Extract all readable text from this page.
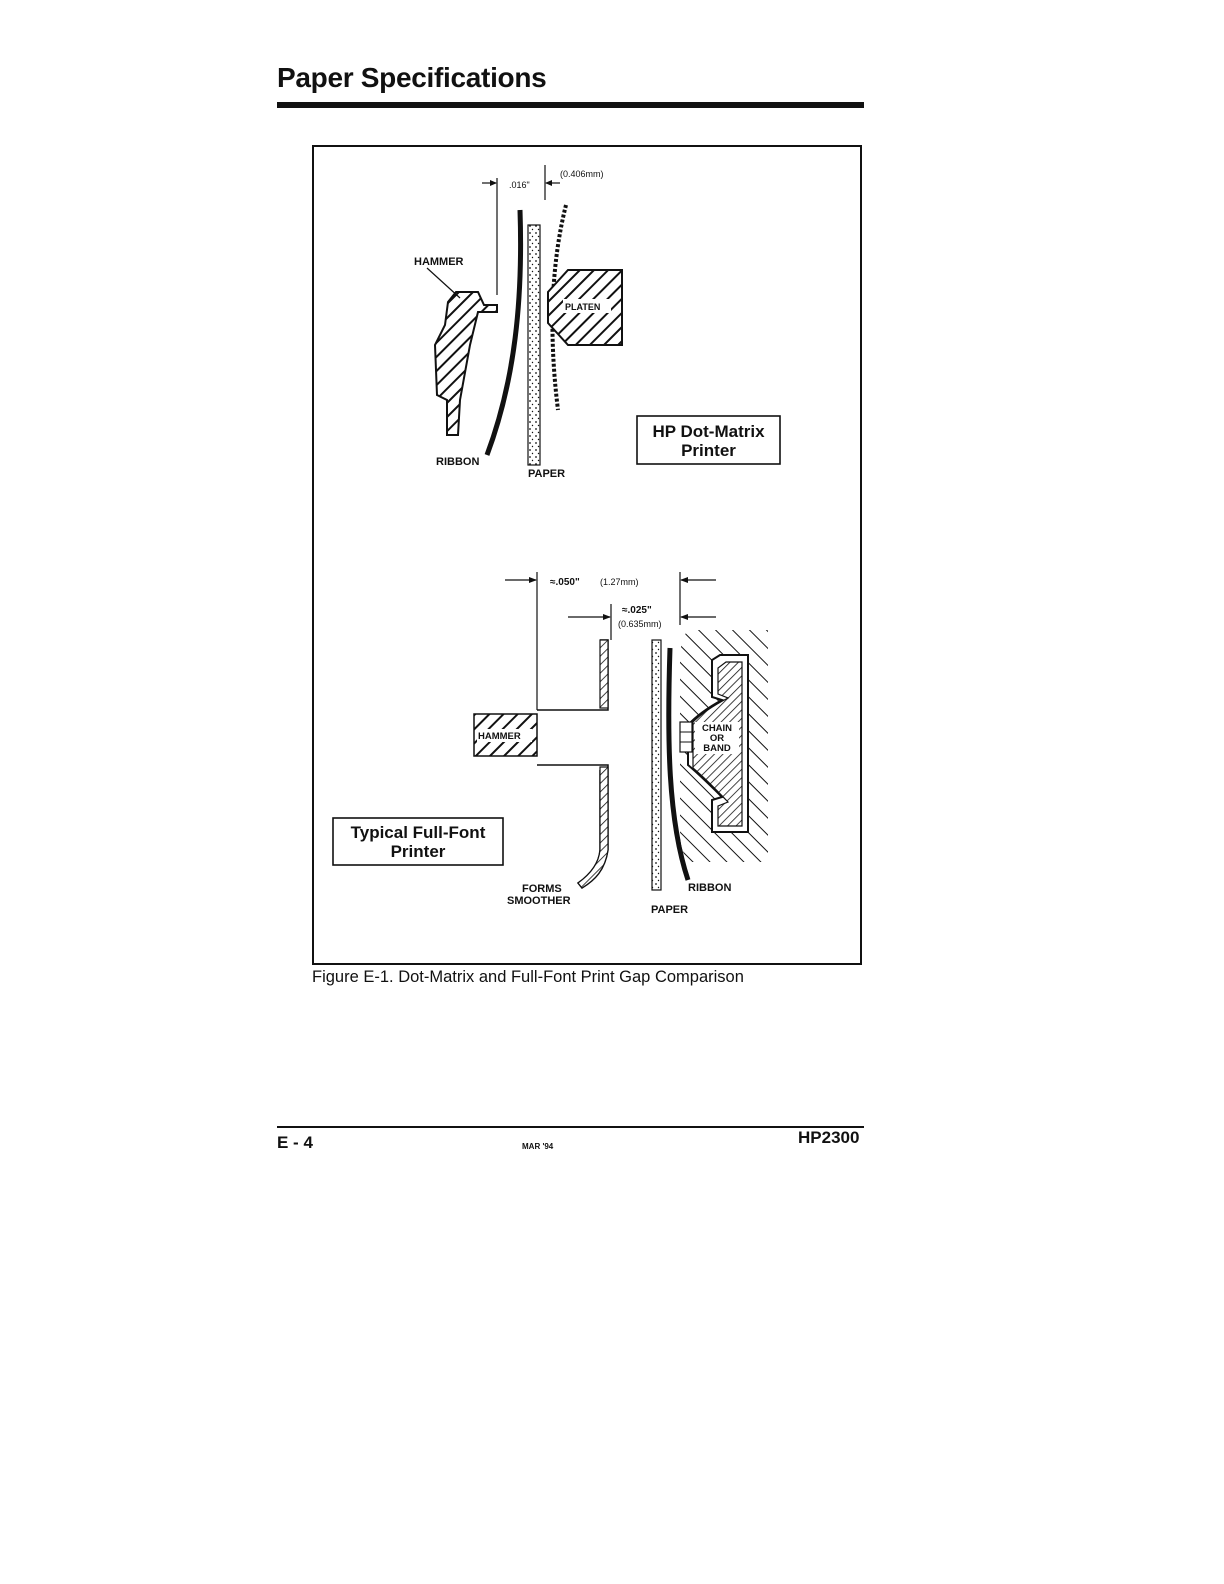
Paper Specifications
.016"
(0.406mm)
HAMMER
RIBBON
PAPER
PLATEN
HP Dot-Matrix
Printer
≈.050" (1.27mm)
≈.025"
(0.635mm)
FORMS
SMOOTHER
HAMMER
PAPER
RIBBON
CHAIN
OR
BAND
Typical Full-Font
Printer

Figure E-1. Dot-Matrix and Full-Font Print Gap Comparison

E - 4	MAR '94	HP2300
